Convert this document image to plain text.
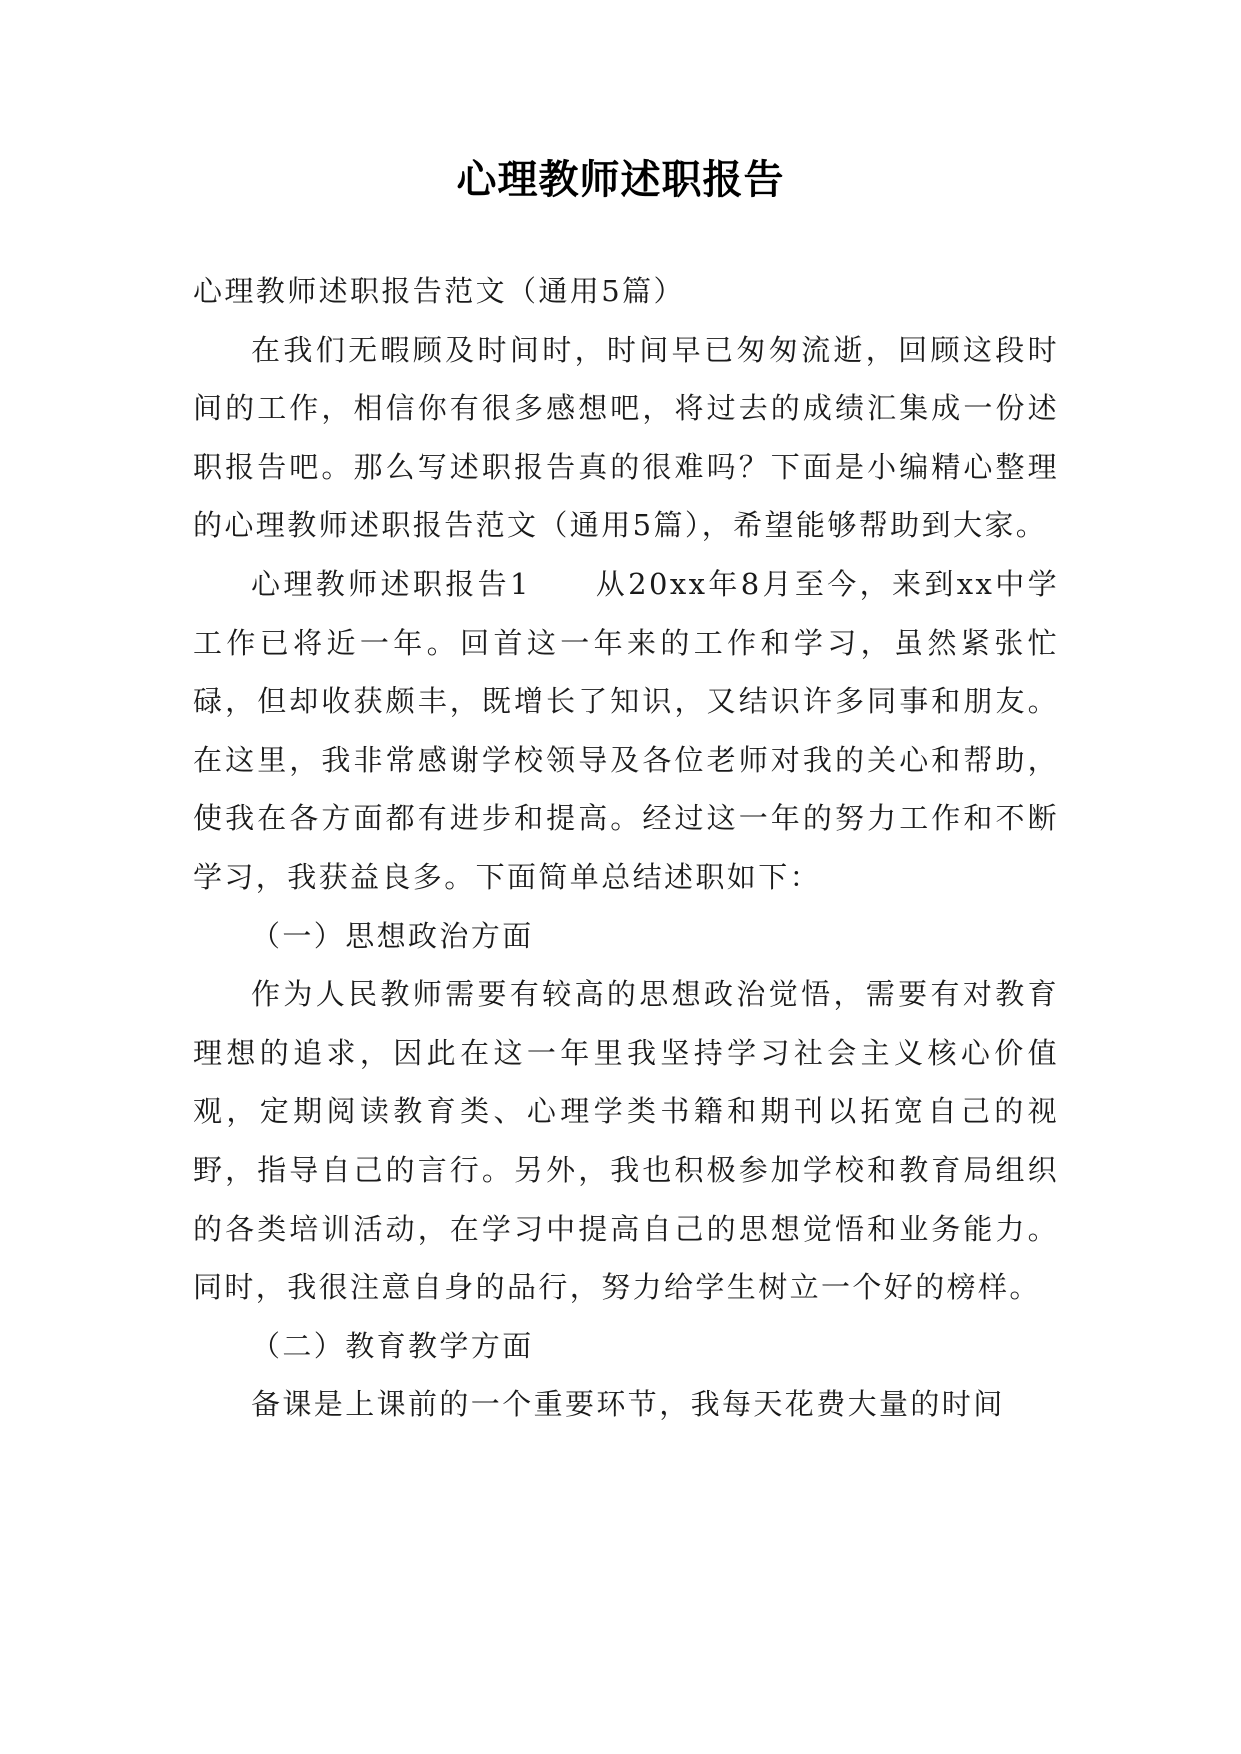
心理教师述职报告

心理教师述职报告范文（通用5篇）

在我们无暇顾及时间时，时间早已匆匆流逝，回顾这段时间的工作，相信你有很多感想吧，将过去的成绩汇集成一份述职报告吧。那么写述职报告真的很难吗？下面是小编精心整理的心理教师述职报告范文（通用5篇），希望能够帮助到大家。

心理教师述职报告1 从20xx年8月至今，来到xx中学工作已将近一年。回首这一年来的工作和学习，虽然紧张忙碌，但却收获颇丰，既增长了知识，又结识许多同事和朋友。在这里，我非常感谢学校领导及各位老师对我的关心和帮助，使我在各方面都有进步和提高。经过这一年的努力工作和不断学习，我获益良多。下面简单总结述职如下：

（一）思想政治方面

作为人民教师需要有较高的思想政治觉悟，需要有对教育理想的追求，因此在这一年里我坚持学习社会主义核心价值观，定期阅读教育类、心理学类书籍和期刊以拓宽自己的视野，指导自己的言行。另外，我也积极参加学校和教育局组织的各类培训活动，在学习中提高自己的思想觉悟和业务能力。同时，我很注意自身的品行，努力给学生树立一个好的榜样。

（二）教育教学方面

备课是上课前的一个重要环节，我每天花费大量的时间
